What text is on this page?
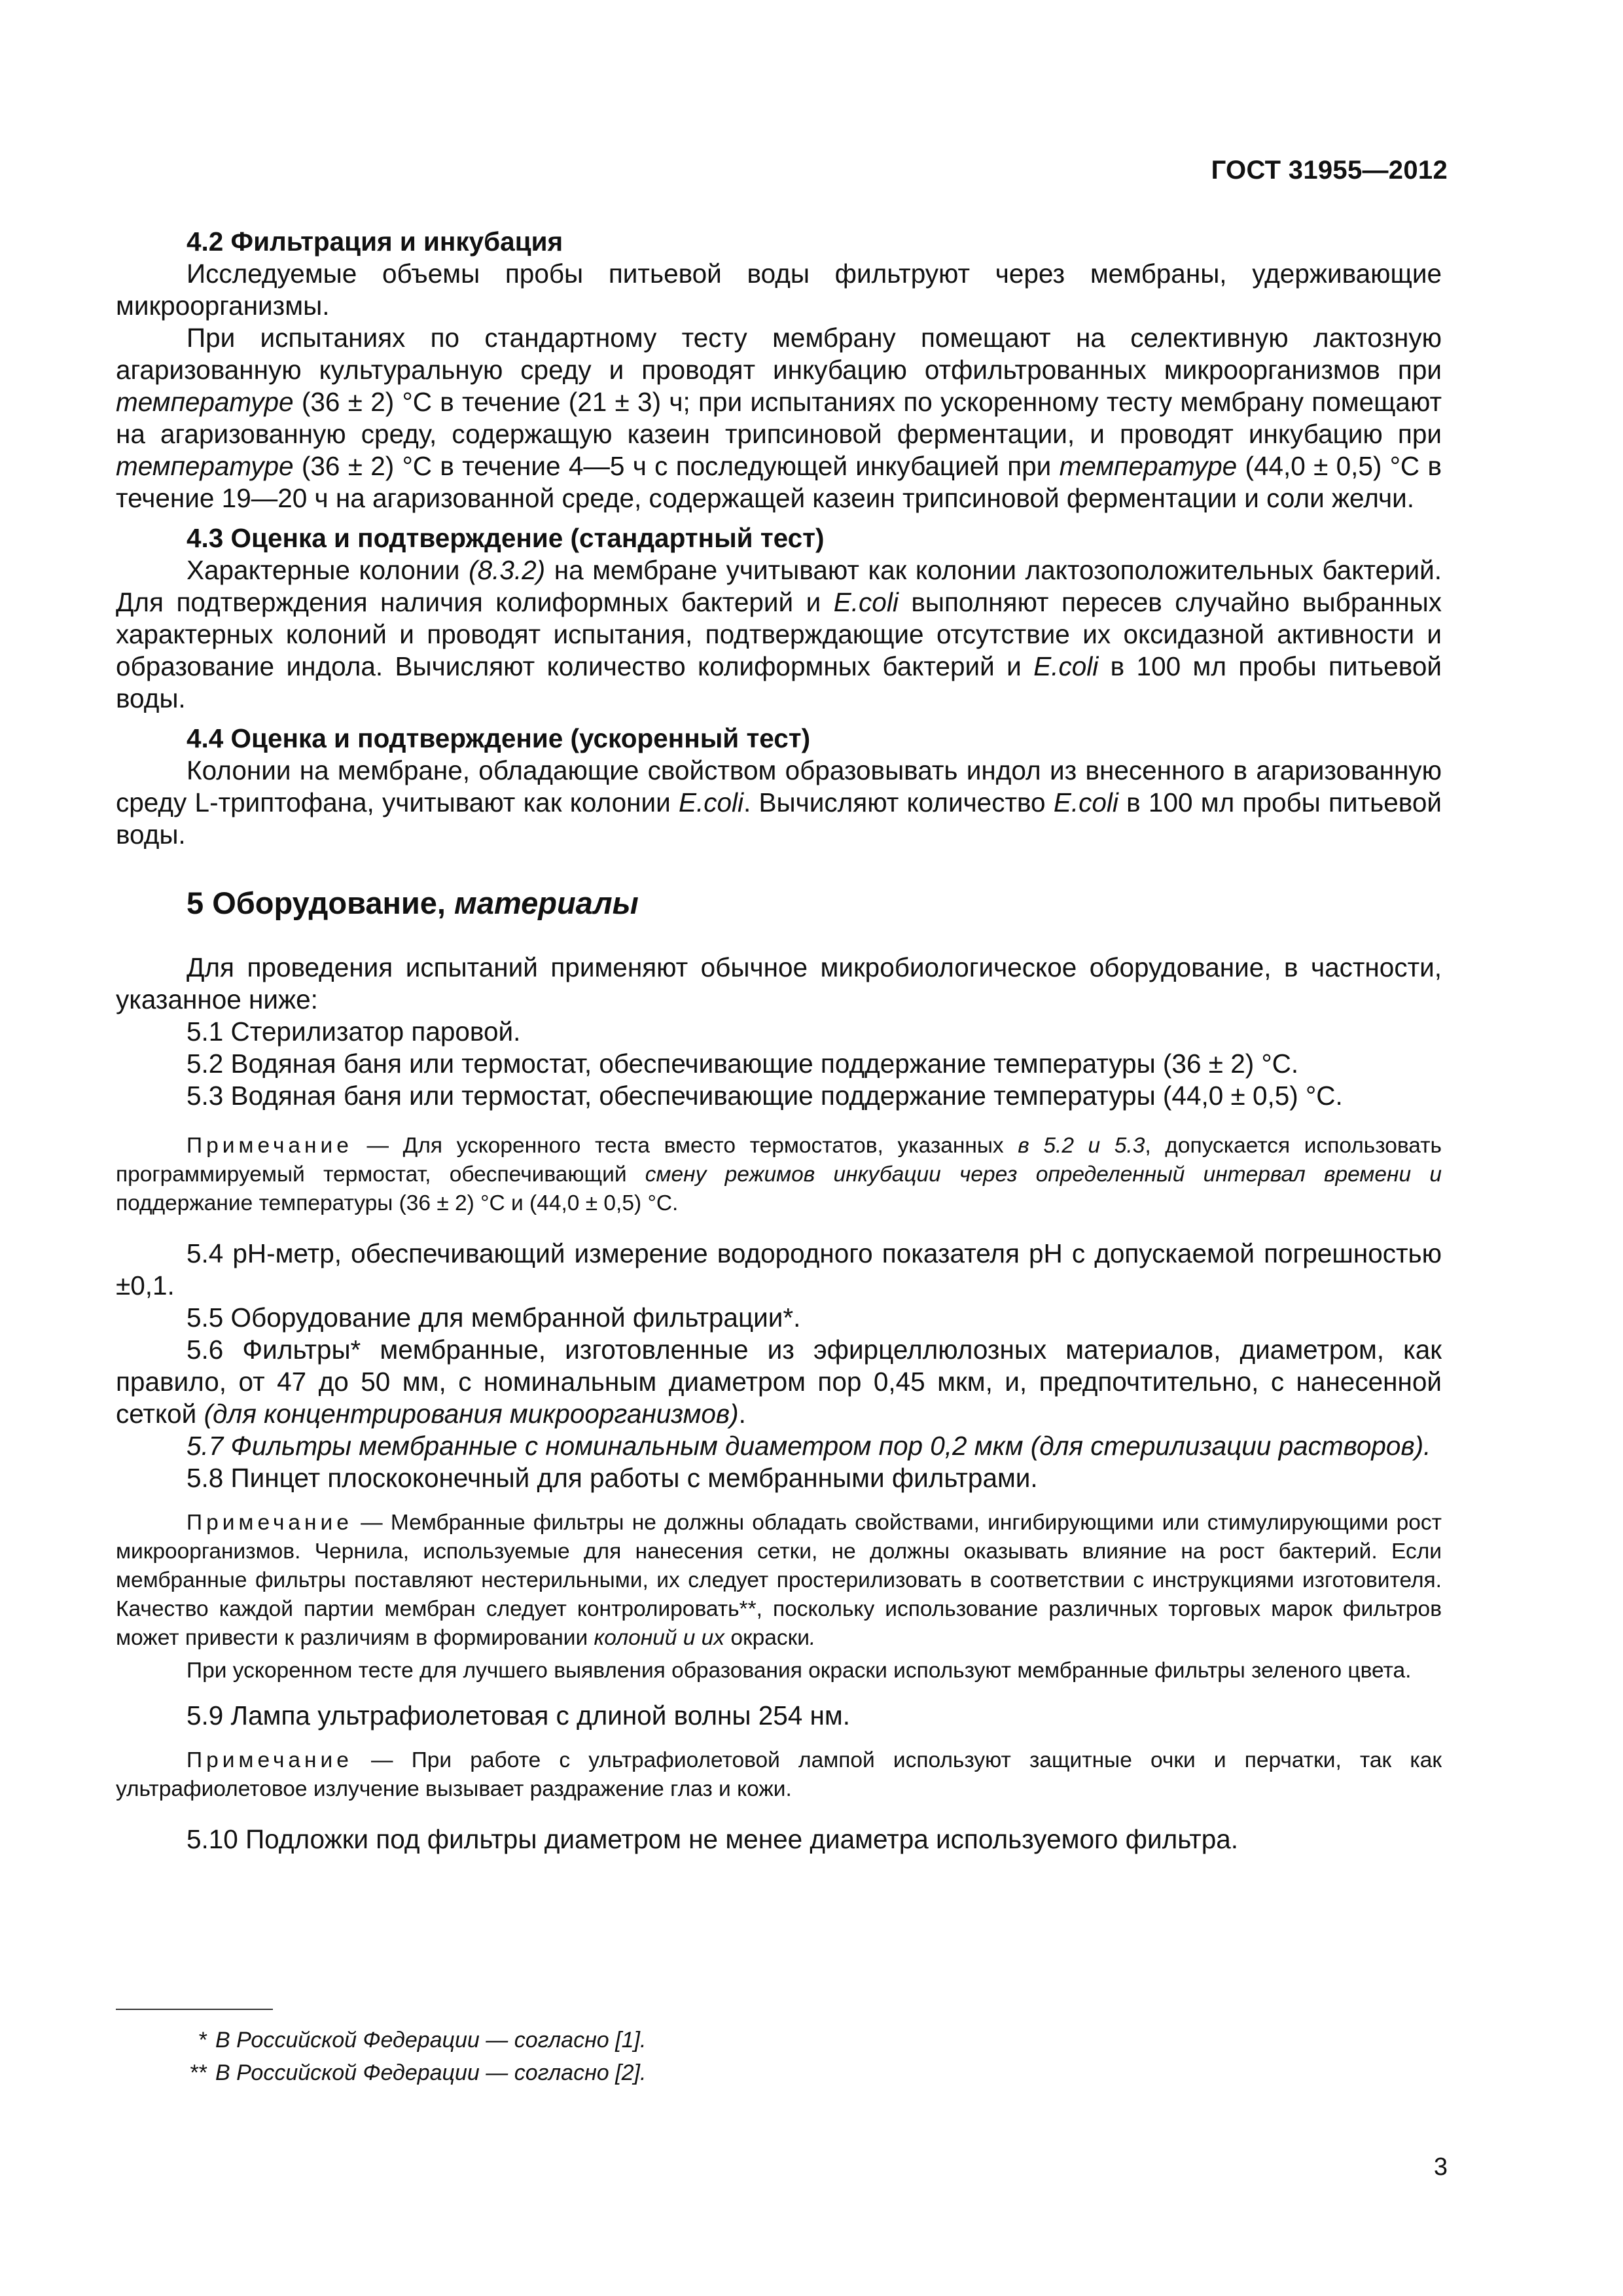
ГОСТ 31955—2012

4.2 Фильтрация и инкубация

Исследуемые объемы пробы питьевой воды фильтруют через мембраны, удерживающие микроорганизмы.

При испытаниях по стандартному тесту мембрану помещают на селективную лактозную агаризованную культуральную среду и проводят инкубацию отфильтрованных микроорганизмов при температуре (36 ± 2) °С в течение (21 ± 3) ч; при испытаниях по ускоренному тесту мембрану помещают на агаризованную среду, содержащую казеин трипсиновой ферментации, и проводят инкубацию при температуре (36 ± 2) °С в течение 4—5 ч с последующей инкубацией при температуре (44,0 ± 0,5) °С в течение 19—20 ч на агаризованной среде, содержащей казеин трипсиновой ферментации и соли желчи.

4.3 Оценка и подтверждение (стандартный тест)

Характерные колонии (8.3.2) на мембране учитывают как колонии лактозоположительных бактерий. Для подтверждения наличия колиформных бактерий и E.coli выполняют пересев случайно выбранных характерных колоний и проводят испытания, подтверждающие отсутствие их оксидазной активности и образование индола. Вычисляют количество колиформных бактерий и E.coli в 100 мл пробы питьевой воды.

4.4 Оценка и подтверждение (ускоренный тест)

Колонии на мембране, обладающие свойством образовывать индол из внесенного в агаризованную среду L-триптофана, учитывают как колонии E.coli. Вычисляют количество E.coli в 100 мл пробы питьевой воды.

5 Оборудование, материалы

Для проведения испытаний применяют обычное микробиологическое оборудование, в частности, указанное ниже:

5.1 Стерилизатор паровой.

5.2 Водяная баня или термостат, обеспечивающие поддержание температуры (36 ± 2) °С.

5.3 Водяная баня или термостат, обеспечивающие поддержание температуры (44,0 ± 0,5) °С.

Примечание — Для ускоренного теста вместо термостатов, указанных в 5.2 и 5.3, допускается использовать программируемый термостат, обеспечивающий смену режимов инкубации через определенный интервал времени и поддержание температуры (36 ± 2) °С и (44,0 ± 0,5) °С.

5.4 pH-метр, обеспечивающий измерение водородного показателя pH с допускаемой погрешностью ±0,1.

5.5 Оборудование для мембранной фильтрации*.

5.6 Фильтры* мембранные, изготовленные из эфирцеллюлозных материалов, диаметром, как правило, от 47 до 50 мм, с номинальным диаметром пор 0,45 мкм, и, предпочтительно, с нанесенной сеткой (для концентрирования микроорганизмов).

5.7 Фильтры мембранные с номинальным диаметром пор 0,2 мкм (для стерилизации растворов).

5.8 Пинцет плоскоконечный для работы с мембранными фильтрами.

Примечание — Мембранные фильтры не должны обладать свойствами, ингибирующими или стимулирующими рост микроорганизмов. Чернила, используемые для нанесения сетки, не должны оказывать влияние на рост бактерий. Если мембранные фильтры поставляют нестерильными, их следует простерилизовать в соответствии с инструкциями изготовителя. Качество каждой партии мембран следует контролировать**, поскольку использование различных торговых марок фильтров может привести к различиям в формировании колоний и их окраски.

При ускоренном тесте для лучшего выявления образования окраски используют мембранные фильтры зеленого цвета.

5.9 Лампа ультрафиолетовая с длиной волны 254 нм.

Примечание — При работе с ультрафиолетовой лампой используют защитные очки и перчатки, так как ультрафиолетовое излучение вызывает раздражение глаз и кожи.

5.10 Подложки под фильтры диаметром не менее диаметра используемого фильтра.

* В Российской Федерации — согласно [1].
** В Российской Федерации — согласно [2].
3
